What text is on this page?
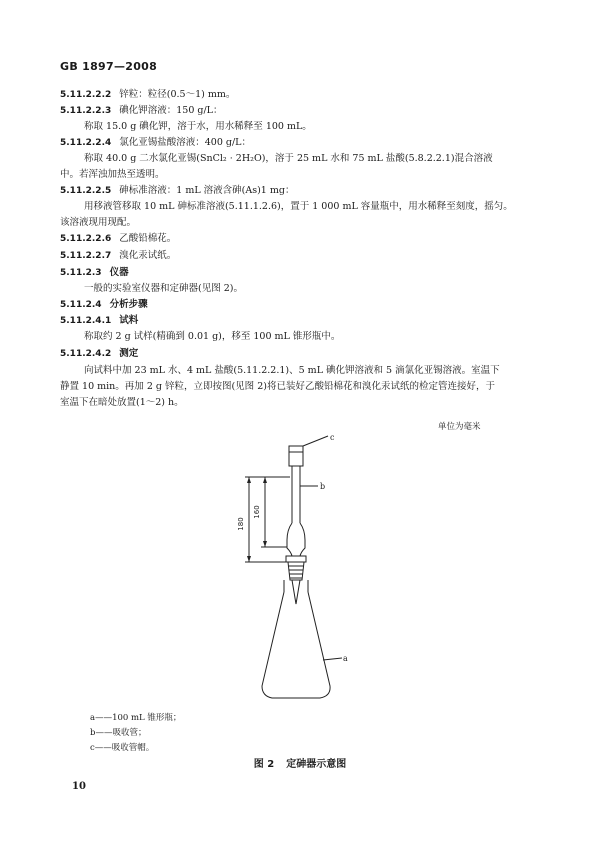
GB 1897—2008
5.11.2.2.2 锌粒：粒径(0.5～1) mm。
5.11.2.2.3 碘化钾溶液：150 g/L：
称取 15.0 g 碘化钾，溶于水，用水稀释至 100 mL。
5.11.2.2.4 氯化亚锡盐酸溶液：400 g/L：
称取 40.0 g 二水氯化亚锡(SnCl₂ · 2H₂O)，溶于 25 mL 水和 75 mL 盐酸(5.8.2.2.1)混合溶液
中。若浑浊加热至透明。
5.11.2.2.5 砷标准溶液：1 mL 溶液含砷(As)1 mg：
用移液管移取 10 mL 砷标准溶液(5.11.1.2.6)，置于 1 000 mL 容量瓶中，用水稀释至刻度，摇匀。
该溶液现用现配。
5.11.2.2.6 乙酸铅棉花。
5.11.2.2.7 溴化汞试纸。
5.11.2.3 仪器
一般的实验室仪器和定砷器(见图 2)。
5.11.2.4 分析步骤
5.11.2.4.1 试料
称取约 2 g 试样(精确到 0.01 g)，移至 100 mL 锥形瓶中。
5.11.2.4.2 测定
向试料中加 23 mL 水、4 mL 盐酸(5.11.2.2.1)、5 mL 碘化钾溶液和 5 滴氯化亚锡溶液。室温下
静置 10 min。再加 2 g 锌粒，立即按图(见图 2)将已装好乙酸铅棉花和溴化汞试纸的检定管连接好，于
室温下在暗处放置(1～2) h。
单位为毫米
180
160
c
b
a
a——100 mL 锥形瓶；
b——吸收管；
c——吸收管帽。
图 2 定砷器示意图
10
